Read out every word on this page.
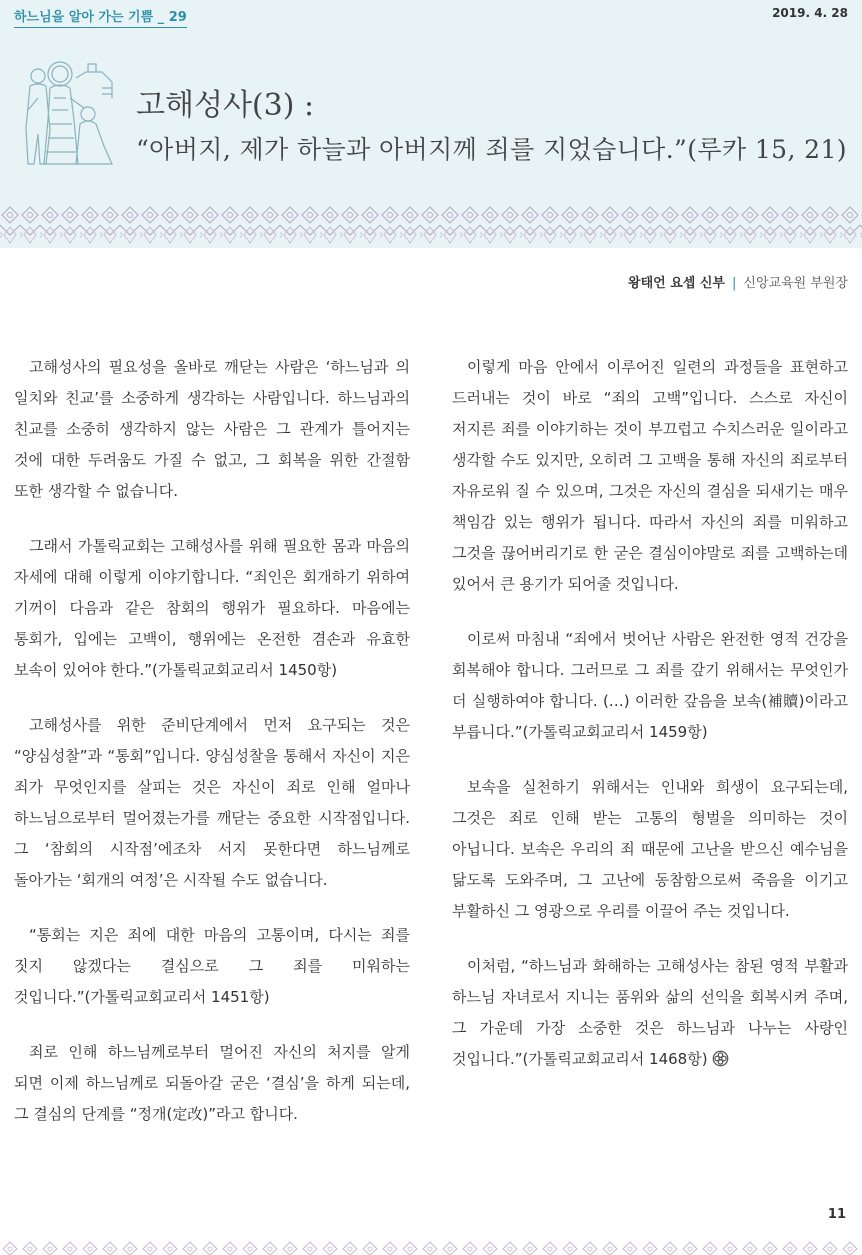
하느님을 알아 가는 기쁨 _ 29	2019. 4. 28
고해성사(3) :
“아버지, 제가 하늘과 아버지께 죄를 지었습니다.”(루카 15, 21)
왕태언 요셉 신부 | 신앙교육원 부원장

고해성사의 필요성을 올바로 깨닫는 사람은 ‘하느님과 의 일치와 친교’를 소중하게 생각하는 사람입니다. 하느님과의 친교를 소중히 생각하지 않는 사람은 그 관계가 틀어지는 것에 대한 두려움도 가질 수 없고, 그 회복을 위한 간절함 또한 생각할 수 없습니다.

그래서 가톨릭교회는 고해성사를 위해 필요한 몸과 마음의 자세에 대해 이렇게 이야기합니다. “죄인은 회개하기 위하여 기꺼이 다음과 같은 참회의 행위가 필요하다. 마음에는 통회가, 입에는 고백이, 행위에는 온전한 겸손과 유효한 보속이 있어야 한다.”(가톨릭교회교리서 1450항)

고해성사를 위한 준비단계에서 먼저 요구되는 것은 “양심성찰”과 “통회”입니다. 양심성찰을 통해서 자신이 지은 죄가 무엇인지를 살피는 것은 자신이 죄로 인해 얼마나 하느님으로부터 멀어졌는가를 깨닫는 중요한 시작점입니다. 그 ‘참회의 시작점’에조차 서지 못한다면 하느님께로 돌아가는 ‘회개의 여정’은 시작될 수도 없습니다.

“통회는 지은 죄에 대한 마음의 고통이며, 다시는 죄를 짓지 않겠다는 결심으로 그 죄를 미워하는 것입니다.”(가톨릭교회교리서 1451항)

죄로 인해 하느님께로부터 멀어진 자신의 처지를 알게 되면 이제 하느님께로 되돌아갈 굳은 ‘결심’을 하게 되는데, 그 결심의 단계를 “정개(定改)”라고 합니다.

이렇게 마음 안에서 이루어진 일련의 과정들을 표현하고 드러내는 것이 바로 “죄의 고백”입니다. 스스로 자신이 저지른 죄를 이야기하는 것이 부끄럽고 수치스러운 일이라고 생각할 수도 있지만, 오히려 그 고백을 통해 자신의 죄로부터 자유로워 질 수 있으며, 그것은 자신의 결심을 되새기는 매우 책임감 있는 행위가 됩니다. 따라서 자신의 죄를 미워하고 그것을 끊어버리기로 한 굳은 결심이야말로 죄를 고백하는데 있어서 큰 용기가 되어줄 것입니다.

이로써 마침내 “죄에서 벗어난 사람은 완전한 영적 건강을 회복해야 합니다. 그러므로 그 죄를 갚기 위해서는 무엇인가 더 실행하여야 합니다. (…) 이러한 갚음을 보속(補贖)이라고 부릅니다.”(가톨릭교회교리서 1459항)

보속을 실천하기 위해서는 인내와 희생이 요구되는데, 그것은 죄로 인해 받는 고통의 형벌을 의미하는 것이 아닙니다. 보속은 우리의 죄 때문에 고난을 받으신 예수님을 닮도록 도와주며, 그 고난에 동참함으로써 죽음을 이기고 부활하신 그 영광으로 우리를 이끌어 주는 것입니다.

이처럼, “하느님과 화해하는 고해성사는 참된 영적 부활과 하느님 자녀로서 지니는 품위와 삶의 선익을 회복시켜 주며, 그 가운데 가장 소중한 것은 하느님과 나누는 사랑인 것입니다.”(가톨릭교회교리서 1468항)

11
